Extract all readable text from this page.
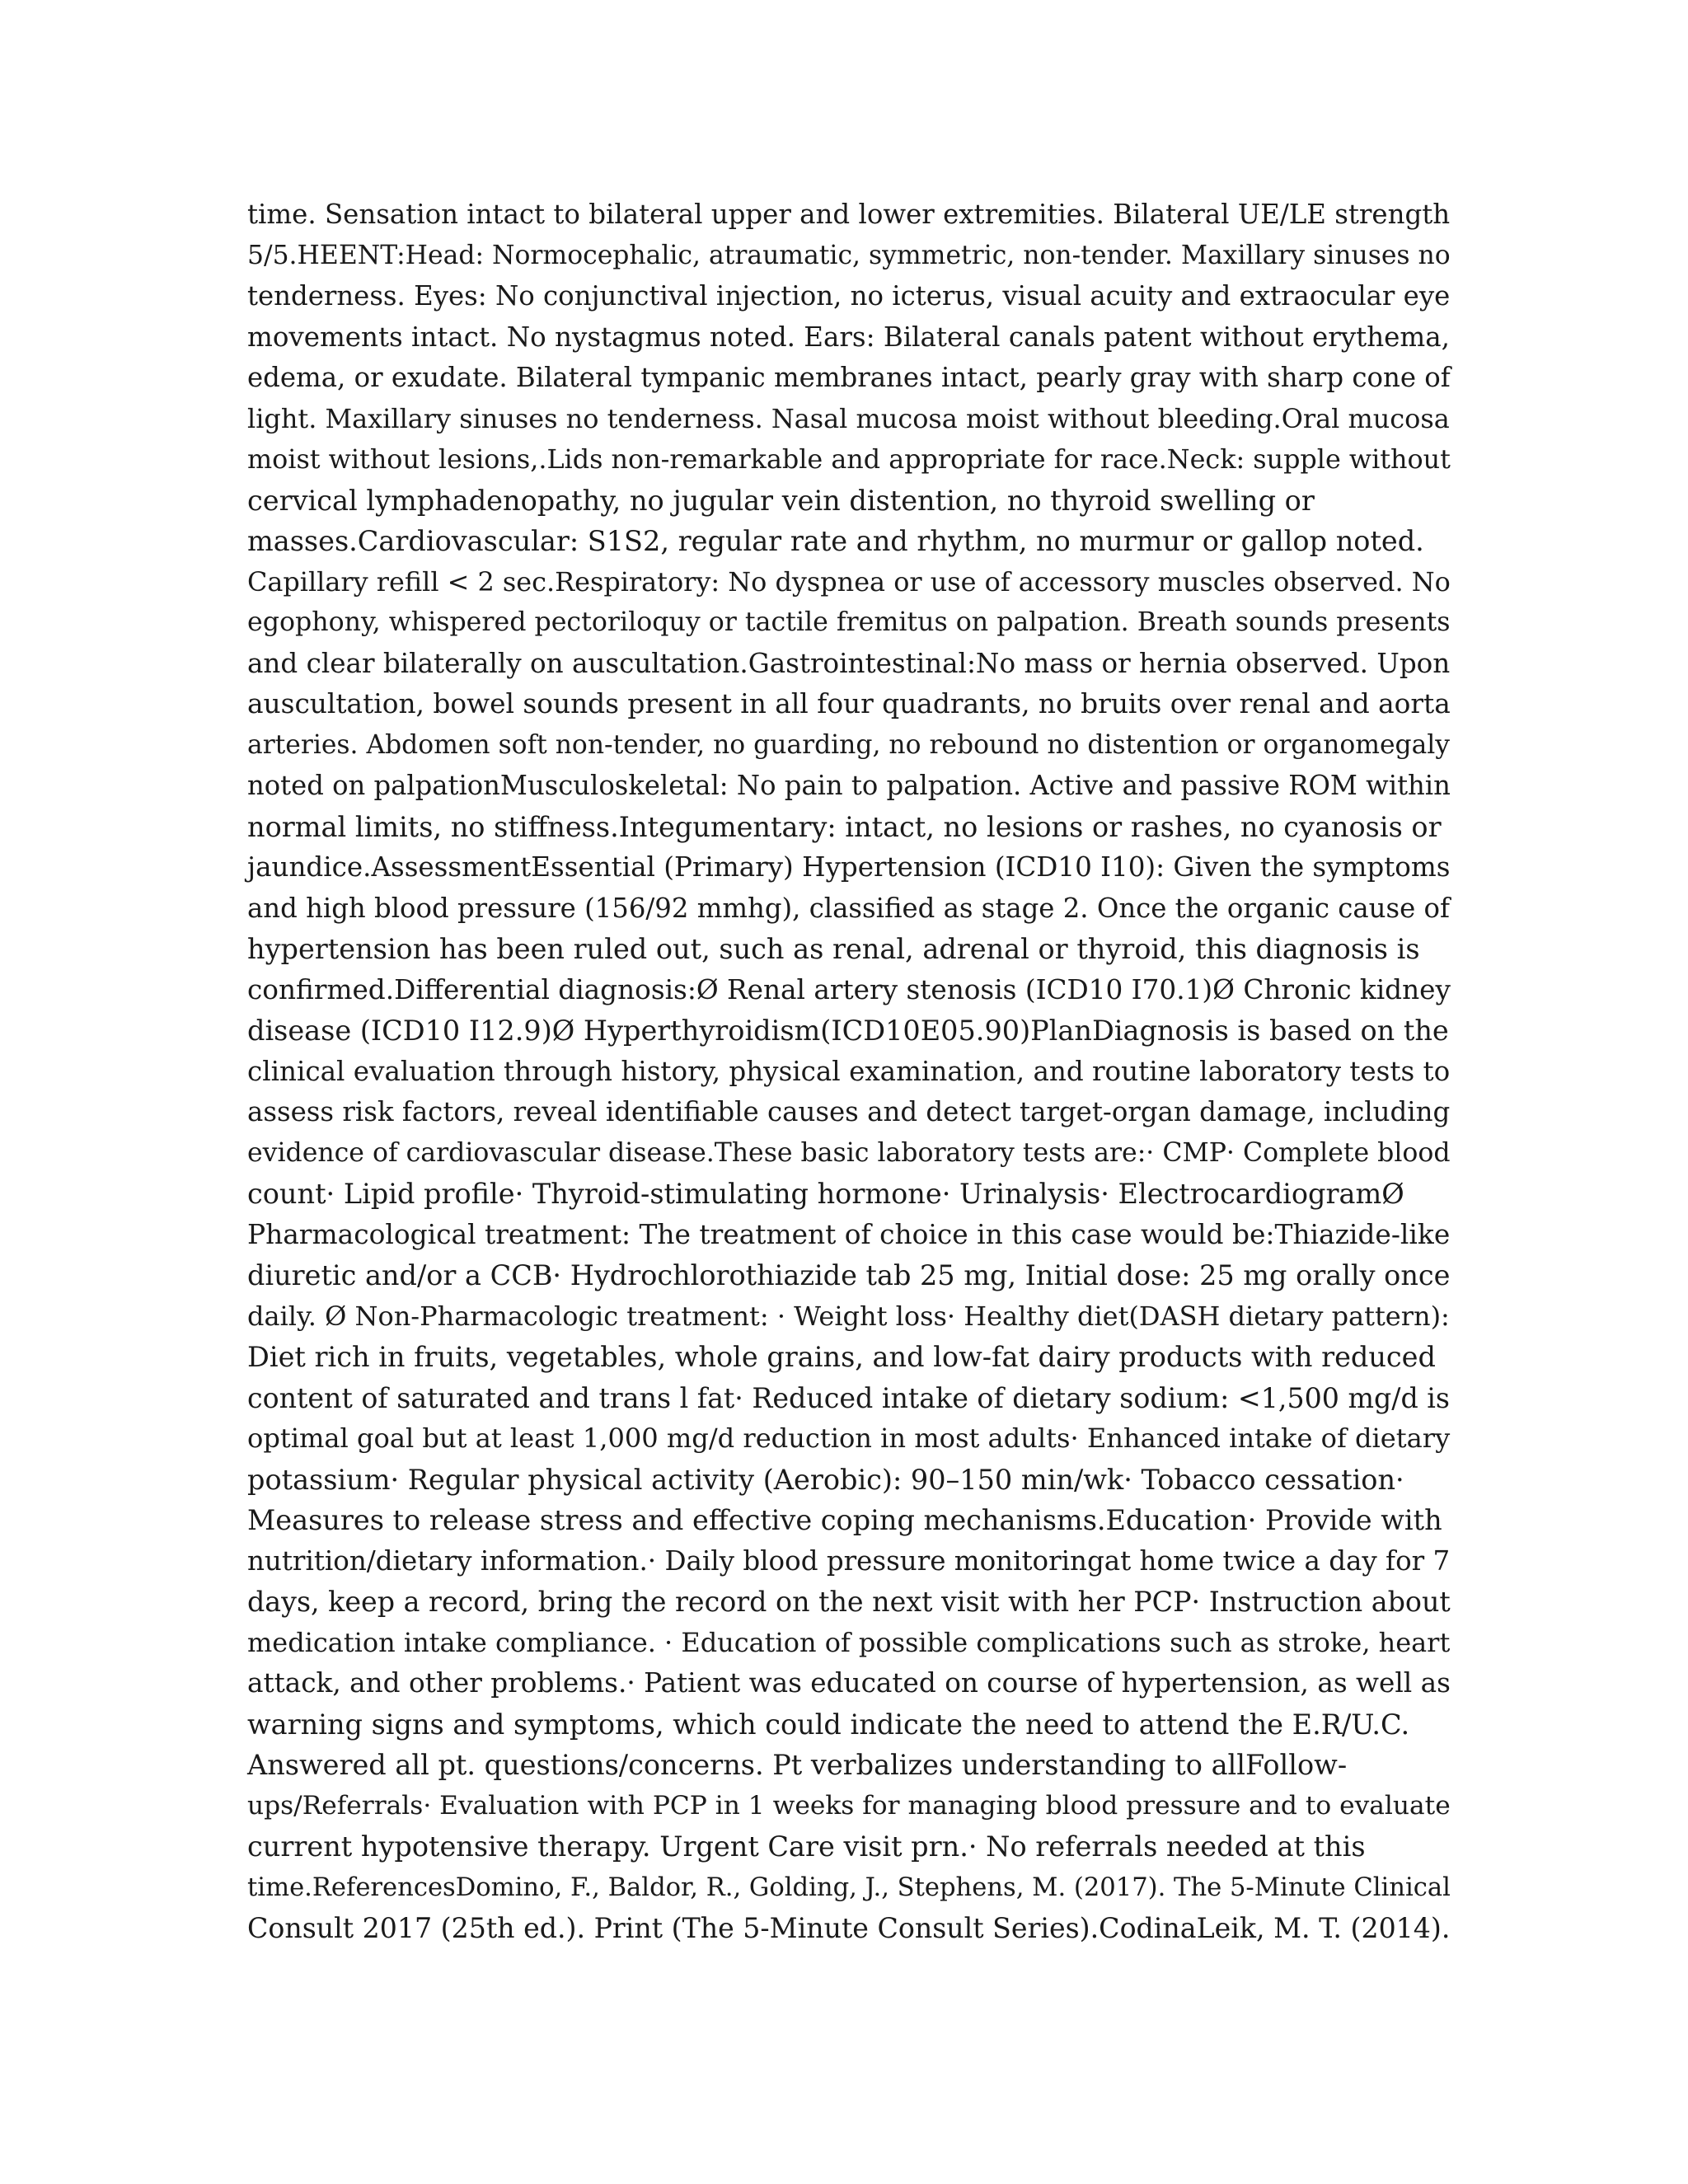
time. Sensation intact to bilateral upper and lower extremities. Bilateral UE/LE strength
5/5.HEENT:Head: Normocephalic, atraumatic, symmetric, non-tender. Maxillary sinuses no
tenderness. Eyes: No conjunctival injection, no icterus, visual acuity and extraocular eye
movements intact. No nystagmus noted. Ears: Bilateral canals patent without erythema,
edema, or exudate. Bilateral tympanic membranes intact, pearly gray with sharp cone of
light. Maxillary sinuses no tenderness. Nasal mucosa moist without bleeding.Oral mucosa
moist without lesions,.Lids non-remarkable and appropriate for race.Neck: supple without
cervical lymphadenopathy, no jugular vein distention, no thyroid swelling or
masses.Cardiovascular: S1S2, regular rate and rhythm, no murmur or gallop noted.
Capillary refill < 2 sec.Respiratory: No dyspnea or use of accessory muscles observed. No
egophony, whispered pectoriloquy or tactile fremitus on palpation. Breath sounds presents
and clear bilaterally on auscultation.Gastrointestinal:No mass or hernia observed. Upon
auscultation, bowel sounds present in all four quadrants, no bruits over renal and aorta
arteries. Abdomen soft non-tender, no guarding, no rebound no distention or organomegaly
noted on palpationMusculoskeletal: No pain to palpation. Active and passive ROM within
normal limits, no stiffness.Integumentary: intact, no lesions or rashes, no cyanosis or
jaundice.AssessmentEssential (Primary) Hypertension (ICD10 I10): Given the symptoms
and high blood pressure (156/92 mmhg), classified as stage 2. Once the organic cause of
hypertension has been ruled out, such as renal, adrenal or thyroid, this diagnosis is
confirmed.Differential diagnosis:Ø Renal artery stenosis (ICD10 I70.1)Ø Chronic kidney
disease (ICD10 I12.9)Ø Hyperthyroidism(ICD10E05.90)PlanDiagnosis is based on the
clinical evaluation through history, physical examination, and routine laboratory tests to
assess risk factors, reveal identifiable causes and detect target-organ damage, including
evidence of cardiovascular disease.These basic laboratory tests are:· CMP· Complete blood
count· Lipid profile· Thyroid-stimulating hormone· Urinalysis· ElectrocardiogramØ
Pharmacological treatment: The treatment of choice in this case would be:Thiazide-like
diuretic and/or a CCB· Hydrochlorothiazide tab 25 mg, Initial dose: 25 mg orally once
daily. Ø Non-Pharmacologic treatment: · Weight loss· Healthy diet(DASH dietary pattern):
Diet rich in fruits, vegetables, whole grains, and low-fat dairy products with reduced
content of saturated and trans l fat· Reduced intake of dietary sodium: <1,500 mg/d is
optimal goal but at least 1,000 mg/d reduction in most adults· Enhanced intake of dietary
potassium· Regular physical activity (Aerobic): 90–150 min/wk· Tobacco cessation·
Measures to release stress and effective coping mechanisms.Education· Provide with
nutrition/dietary information.· Daily blood pressure monitoringat home twice a day for 7
days, keep a record, bring the record on the next visit with her PCP· Instruction about
medication intake compliance. · Education of possible complications such as stroke, heart
attack, and other problems.· Patient was educated on course of hypertension, as well as
warning signs and symptoms, which could indicate the need to attend the E.R/U.C.
Answered all pt. questions/concerns. Pt verbalizes understanding to allFollow-
ups/Referrals· Evaluation with PCP in 1 weeks for managing blood pressure and to evaluate
current hypotensive therapy. Urgent Care visit prn.· No referrals needed at this
time.ReferencesDomino, F., Baldor, R., Golding, J., Stephens, M. (2017). The 5-Minute Clinical
Consult 2017 (25th ed.). Print (The 5-Minute Consult Series).CodinaLeik, M. T. (2014).
